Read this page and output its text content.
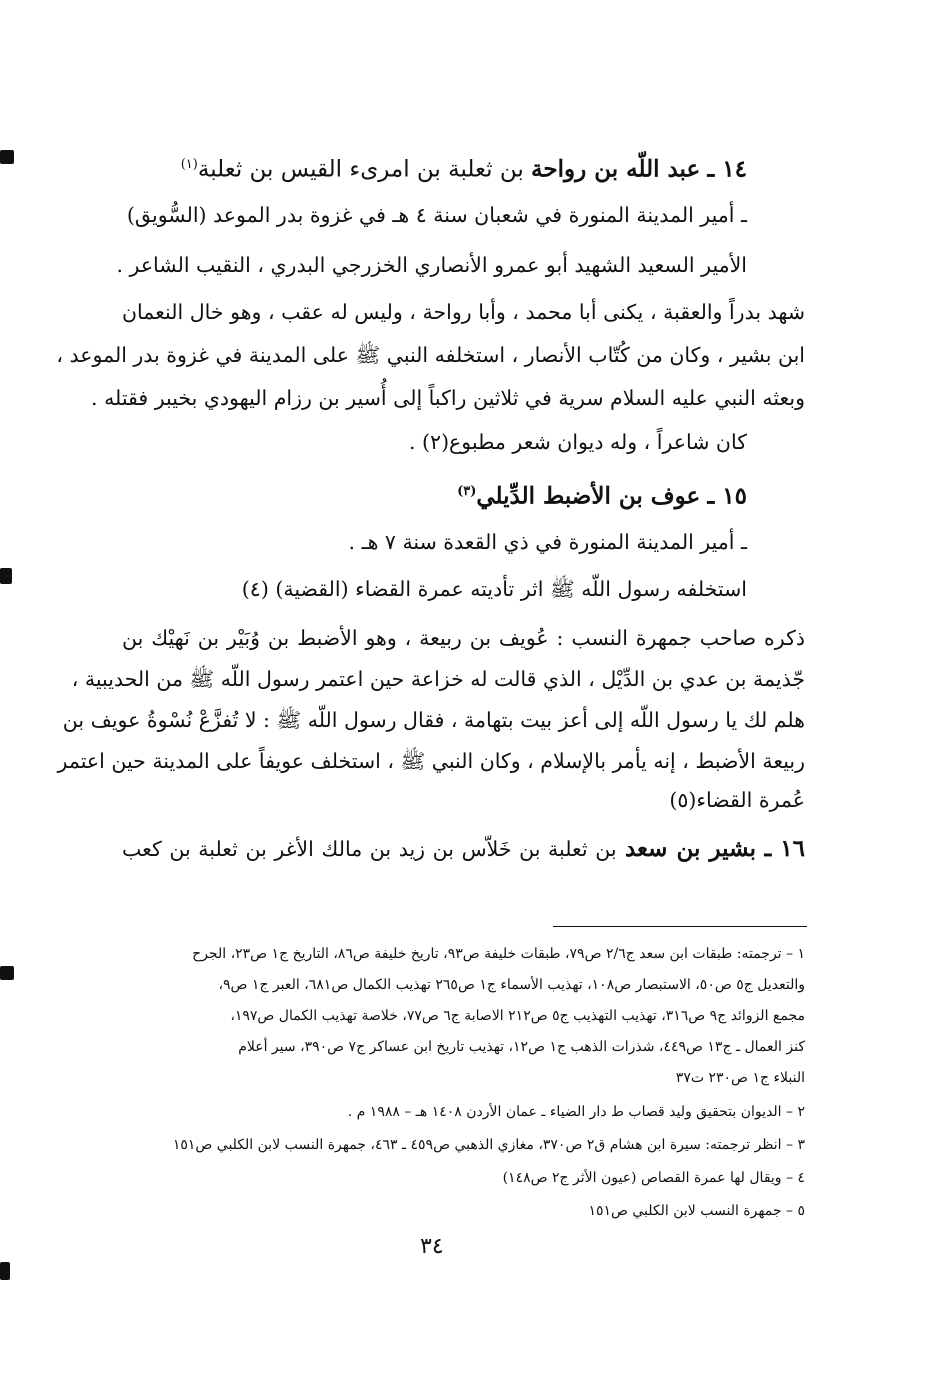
١٤ ـ عبد اللّه بن رواحة بن ثعلبة بن امرىء القيس بن ثعلبة$^{(١)}$
ـ أمير المدينة المنورة في شعبان سنة ٤ هـ في غزوة بدر الموعد (السُّويق)
الأمير السعيد الشهيد أبو عمرو الأنصاري الخزرجي البدري ، النقيب الشاعر .
شهد بدراً والعقبة ، يكنى أبا محمد ، وأبا رواحة ، وليس له عقب ، وهو خال النعمان
ابن بشير ، وكان من كُتّاب الأنصار ، استخلفه النبي ﷺ على المدينة في غزوة بدر الموعد ،
وبعثه النبي عليه السلام سرية في ثلاثين راكباً إلى أُسير بن رزام اليهودي بخيبر فقتله .
كان شاعراً ، وله ديوان شعر مطبوع(٢) .
١٥ ـ عوف بن الأضبط الدِّيلي$^{(٣)}$
ـ أمير المدينة المنورة في ذي القعدة سنة ٧ هـ .
استخلفه رسول اللّه ﷺ اثر تأديته عمرة القضاء (القضية) (٤)
ذكره صاحب جمهرة النسب : عُويف بن ربيعة ، وهو الأضبط بن وُبَيْر بن نَهيْك بن
جّذيمة بن عدي بن الدِّيْل ، الذي قالت له خزاعة حين اعتمر رسول اللّه ﷺ من الحديبية ،
هلم لك يا رسول اللّه إلى أعز بيت بتهامة ، فقال رسول اللّه ﷺ : لا تُفزَّعْ نُسْوةُ عويف بن
ربيعة الأضبط ، إنه يأمر بالإسلام ، وكان النبي ﷺ ، استخلف عويفاً على المدينة حين اعتمر
عُمرة القضاء(٥)
١٦ ـ بشير بن سعد بن ثعلبة بن خَلاّس بن زيد بن مالك الأغر بن ثعلبة بن كعب
١ – ترجمته: طبقات ابن سعد ج٢/٦ ص٧٩، طبقات خليفة ص٩٣، تاريخ خليفة ص٨٦، التاريخ ج١ ص٢٣، الجرح
والتعديل ج٥ ص٥٠، الاستبصار ص١٠٨، تهذيب الأسماء ج١ ص٢٦٥ تهذيب الكمال ص٦٨١، العبر ج١ ص٩،
مجمع الزوائد ج٩ ص٣١٦، تهذيب التهذيب ج٥ ص٢١٢ الاصابة ج٦ ص٧٧، خلاصة تهذيب الكمال ص١٩٧،
كنز العمال ـ ج١٣ ص٤٤٩، شذرات الذهب ج١ ص١٢، تهذيب تاريخ ابن عساكر ج٧ ص٣٩٠، سير أعلام
النبلاء ج١ ص٢٣٠ ت٣٧
٢ – الديوان بتحقيق وليد قصاب ط دار الضياء ـ عمان الأردن ١٤٠٨ هـ – ١٩٨٨ م .
٣ – انظر ترجمته: سيرة ابن هشام ق٢ ص٣٧٠، مغازي الذهبي ص٤٥٩ ـ ٤٦٣، جمهرة النسب لابن الكلبي ص١٥١
٤ – ويقال لها عمرة القصاص (عيون الأثر ج٢ ص١٤٨)
٥ – جمهرة النسب لابن الكلبي ص١٥١
٣٤
